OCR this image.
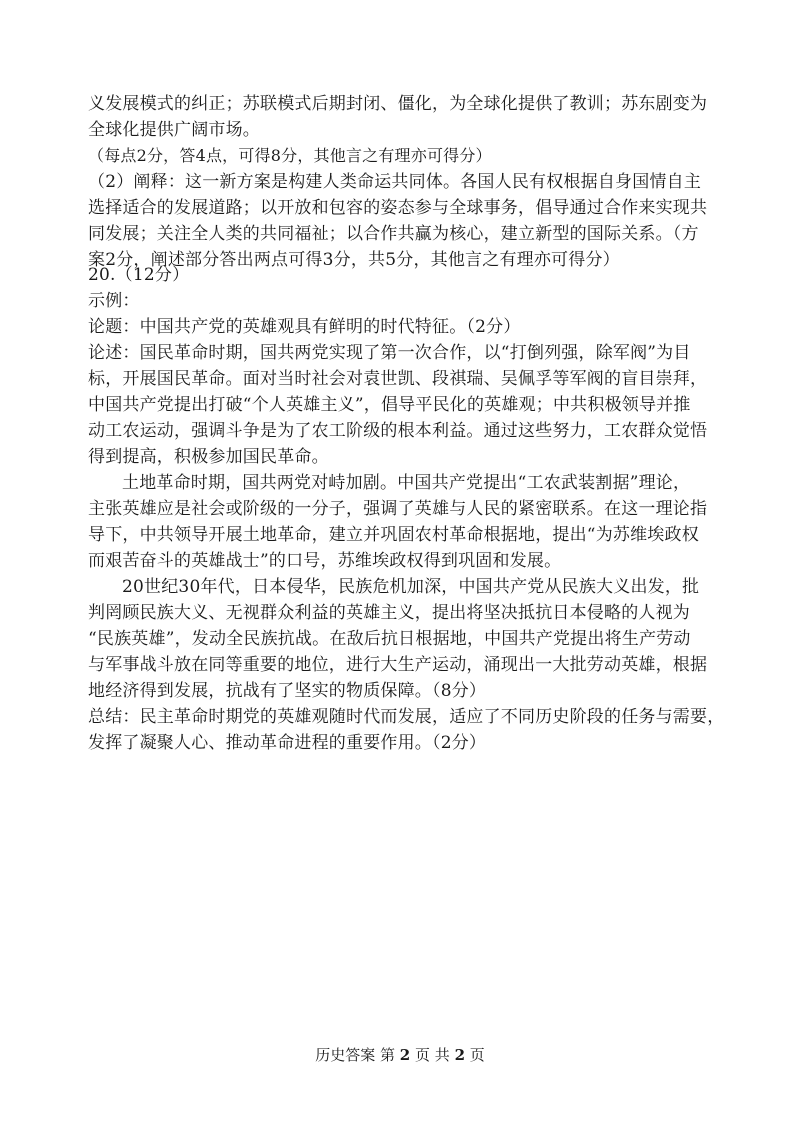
义发展模式的纠正；苏联模式后期封闭、僵化，为全球化提供了教训；苏东剧变为
全球化提供广阔市场。
（每点2分，答4点，可得8分，其他言之有理亦可得分）
（2）阐释：这一新方案是构建人类命运共同体。各国人民有权根据自身国情自主
选择适合的发展道路；以开放和包容的姿态参与全球事务，倡导通过合作来实现共
同发展；关注全人类的共同福祉；以合作共赢为核心，建立新型的国际关系。（方
案2分，阐述部分答出两点可得3分，共5分，其他言之有理亦可得分）
20.（12分）
示例：
论题：中国共产党的英雄观具有鲜明的时代特征。（2分）
论述：国民革命时期，国共两党实现了第一次合作，以“打倒列强，除军阀”为目
标，开展国民革命。面对当时社会对袁世凯、段祺瑞、吴佩孚等军阀的盲目崇拜，
中国共产党提出打破“个人英雄主义”，倡导平民化的英雄观；中共积极领导并推
动工农运动，强调斗争是为了农工阶级的根本利益。通过这些努力，工农群众觉悟
得到提高，积极参加国民革命。
土地革命时期，国共两党对峙加剧。中国共产党提出“工农武装割据”理论，
主张英雄应是社会或阶级的一分子，强调了英雄与人民的紧密联系。在这一理论指
导下，中共领导开展土地革命，建立并巩固农村革命根据地，提出“为苏维埃政权
而艰苦奋斗的英雄战士”的口号，苏维埃政权得到巩固和发展。
20世纪30年代，日本侵华，民族危机加深，中国共产党从民族大义出发，批
判罔顾民族大义、无视群众利益的英雄主义，提出将坚决抵抗日本侵略的人视为
“民族英雄”，发动全民族抗战。在敌后抗日根据地，中国共产党提出将生产劳动
与军事战斗放在同等重要的地位，进行大生产运动，涌现出一大批劳动英雄，根据
地经济得到发展，抗战有了坚实的物质保障。（8分）
总结：民主革命时期党的英雄观随时代而发展，适应了不同历史阶段的任务与需要，
发挥了凝聚人心、推动革命进程的重要作用。（2分）
历史答案 第 2 页 共 2 页
